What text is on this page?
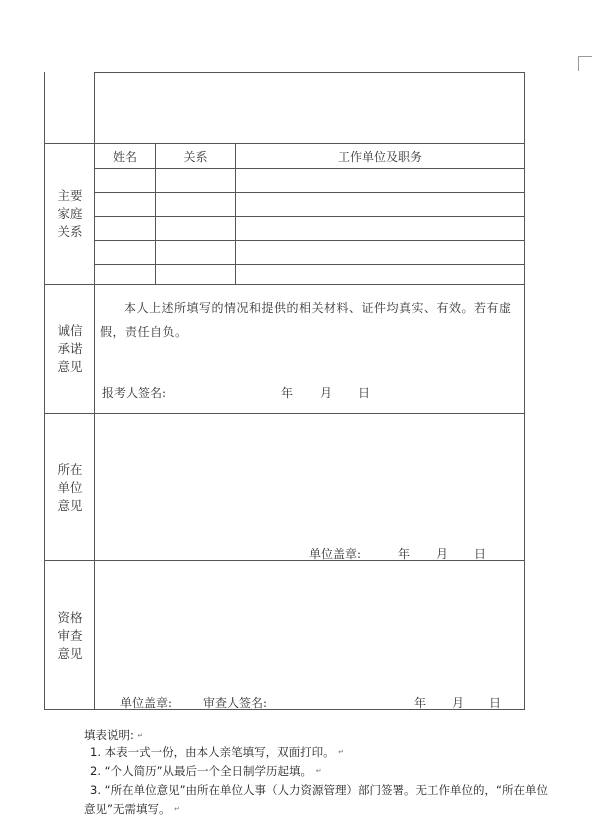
主要
家庭
关系
姓名	关系	工作单位及职务
诚信
承诺
意见
本人上述所填写的情况和提供的相关材料、证件均真实、有效。若有虚假，责任自负。
报考人签名:	年 月 日
所在
单位
意见
单位盖章:	年 月 日
资格
审查
意见
单位盖章:	审查人签名:	年 月 日
填表说明: ↵
1. 本表一式一份，由本人亲笔填写，双面打印。 ↵
2. “个人简历”从最后一个全日制学历起填。 ↵
3. “所在单位意见”由所在单位人事（人力资源管理）部门签署。无工作单位的，“所在单位
意见”无需填写。 ↵
